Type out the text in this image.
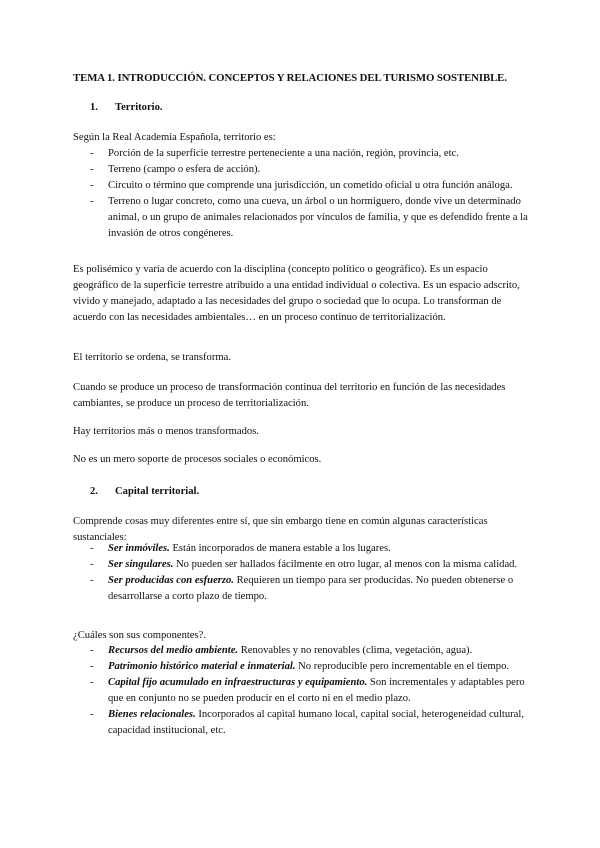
TEMA 1. INTRODUCCIÓN. CONCEPTOS Y RELACIONES DEL TURISMO SOSTENIBLE.
1. Territorio.
Según la Real Academia Española, territorio es:
- Porción de la superficie terrestre perteneciente a una nación, región, provincia, etc.
- Terreno (campo o esfera de acción).
- Circuito o término que comprende una jurisdicción, un cometido oficial u otra función análoga.
- Terreno o lugar concreto, como una cueva, un árbol o un hormiguero, donde vive un determinado animal, o un grupo de animales relacionados por vínculos de familia, y que es defendido frente a la invasión de otros congéneres.
Es polisémico y varía de acuerdo con la disciplina (concepto político o geográfico). Es un espacio geográfico de la superficie terrestre atribuido a una entidad individual o colectiva. Es un espacio adscrito, vivido y manejado, adaptado a las necesidades del grupo o sociedad que lo ocupa. Lo transforman de acuerdo con las necesidades ambientales… en un proceso continuo de territorialización.
El territorio se ordena, se transforma.
Cuando se produce un proceso de transformación continua del territorio en función de las necesidades cambiantes, se produce un proceso de territorialización.
Hay territorios más o menos transformados.
No es un mero soporte de procesos sociales o económicos.
2. Capital territorial.
Comprende cosas muy diferentes entre sí, que sin embargo tiene en común algunas características sustanciales:
- Ser inmóviles. Están incorporados de manera estable a los lugares.
- Ser singulares. No pueden ser hallados fácilmente en otro lugar, al menos con la misma calidad.
- Ser producidas con esfuerzo. Requieren un tiempo para ser producidas. No pueden obtenerse o desarrollarse a corto plazo de tiempo.
¿Cuáles son sus componentes?.
- Recursos del medio ambiente. Renovables y no renovables (clima, vegetación, agua).
- Patrimonio histórico material e inmaterial. No reproducible pero incrementable en el tiempo.
- Capital fijo acumulado en infraestructuras y equipamiento. Son incrementales y adaptables pero que en conjunto no se pueden producir en el corto ni en el medio plazo.
- Bienes relacionales. Incorporados al capital humano local, capital social, heterogeneidad cultural, capacidad institucional, etc.
